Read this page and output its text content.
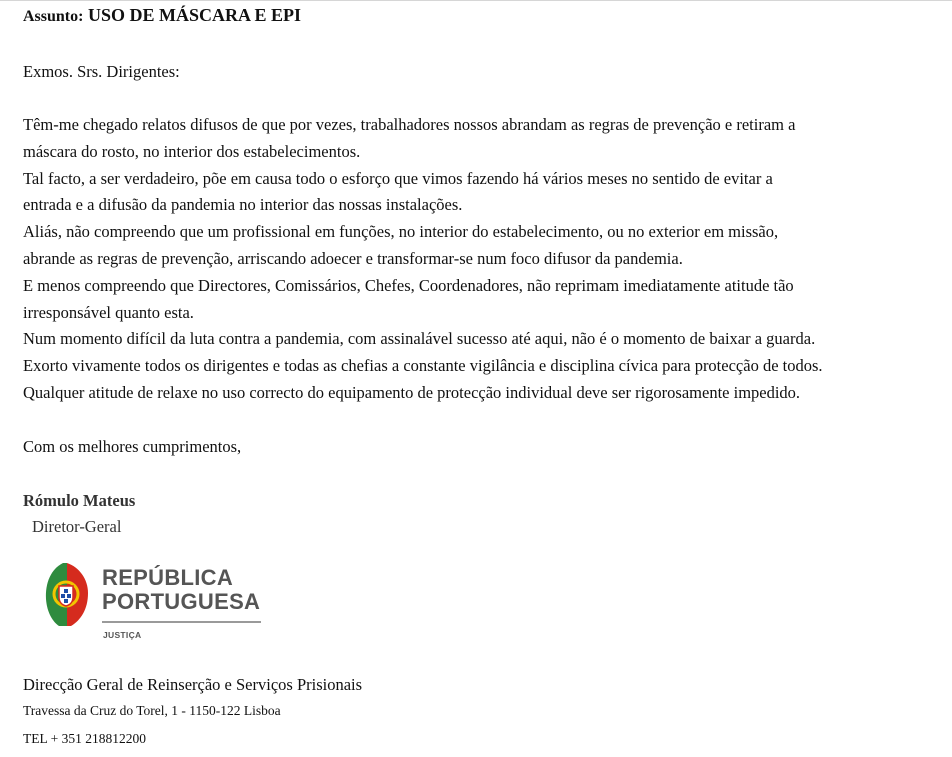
Assunto: USO DE MÁSCARA E EPI

Exmos. Srs. Dirigentes:

Têm-me chegado relatos difusos de que por vezes, trabalhadores nossos abrandam as regras de prevenção e retiram a

máscara do rosto, no interior dos estabelecimentos.

Tal facto, a ser verdadeiro, põe em causa todo o esforço que vimos fazendo há vários meses no sentido de evitar a

entrada e a difusão da pandemia no interior das nossas instalações.

Aliás, não compreendo que um profissional em funções, no interior do estabelecimento, ou no exterior em missão,

abrande as regras de prevenção, arriscando adoecer e transformar-se num foco difusor da pandemia.

E menos compreendo que Directores, Comissários, Chefes, Coordenadores, não reprimam imediatamente atitude tão

irresponsável quanto esta.

Num momento difícil da luta contra a pandemia, com assinalável sucesso até aqui, não é o momento de baixar a guarda.

Exorto vivamente todos os dirigentes e todas as chefias a constante vigilância e disciplina cívica para protecção de todos.

Qualquer atitude de relaxe no uso correcto do equipamento de protecção individual deve ser rigorosamente impedido.

Com os melhores cumprimentos,

Rómulo Mateus

Diretor-Geral

REPÚBLICA
PORTUGUESA
JUSTIÇA

Direcção Geral de Reinserção e Serviços Prisionais

Travessa da Cruz do Torel, 1 - 1150-122 Lisboa

TEL + 351 218812200
